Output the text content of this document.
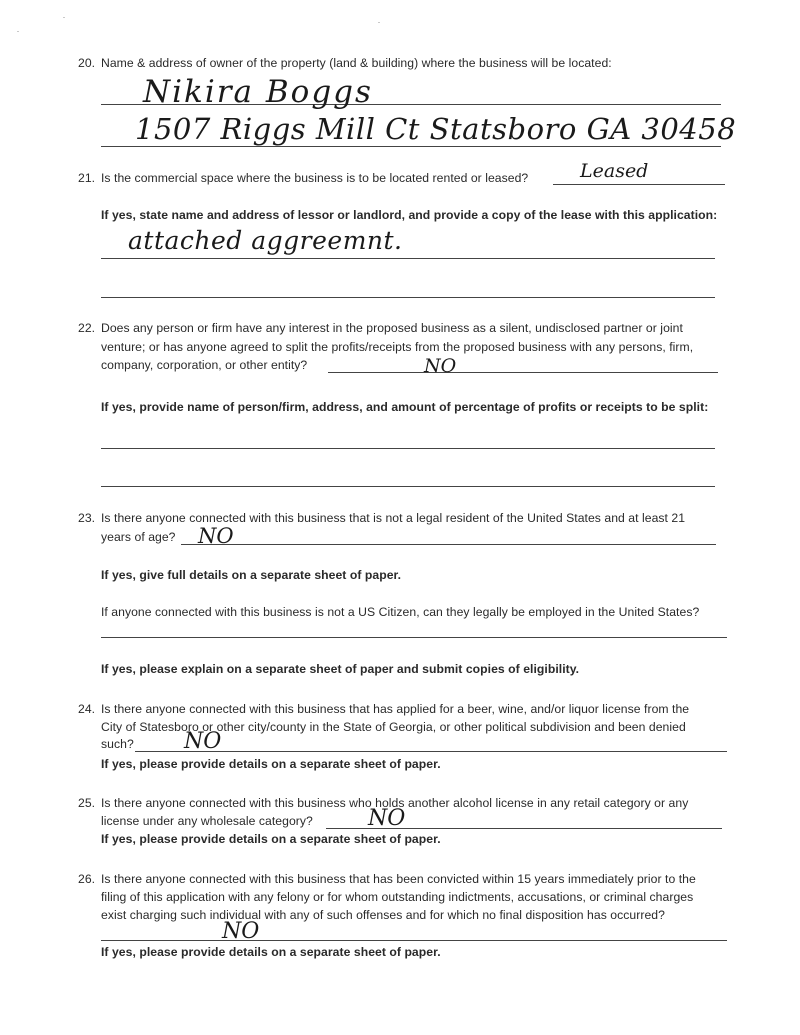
20. Name & address of owner of the property (land & building) where the business will be located:
Nikira Boggs
1507 Riggs Mill Ct Statsboro GA 30458
21. Is the commercial space where the business is to be located rented or leased?	Leased
If yes, state name and address of lessor or landlord, and provide a copy of the lease with this application:
attached aggreemnt.
22. Does any person or firm have any interest in the proposed business as a silent, undisclosed partner or joint
venture; or has anyone agreed to split the profits/receipts from the proposed business with any persons, firm,
company, corporation, or other entity?	NO
If yes, provide name of person/firm, address, and amount of percentage of profits or receipts to be split:
23. Is there anyone connected with this business that is not a legal resident of the United States and at least 21
years of age? NO
If yes, give full details on a separate sheet of paper.
If anyone connected with this business is not a US Citizen, can they legally be employed in the United States?
If yes, please explain on a separate sheet of paper and submit copies of eligibility.
24. Is there anyone connected with this business that has applied for a beer, wine, and/or liquor license from the
City of Statesboro or other city/county in the State of Georgia, or other political subdivision and been denied
such? NO
If yes, please provide details on a separate sheet of paper.
25. Is there anyone connected with this business who holds another alcohol license in any retail category or any
license under any wholesale category?	NO
If yes, please provide details on a separate sheet of paper.
26. Is there anyone connected with this business that has been convicted within 15 years immediately prior to the
filing of this application with any felony or for whom outstanding indictments, accusations, or criminal charges
exist charging such individual with any of such offenses and for which no final disposition has occurred?
NO
If yes, please provide details on a separate sheet of paper.
